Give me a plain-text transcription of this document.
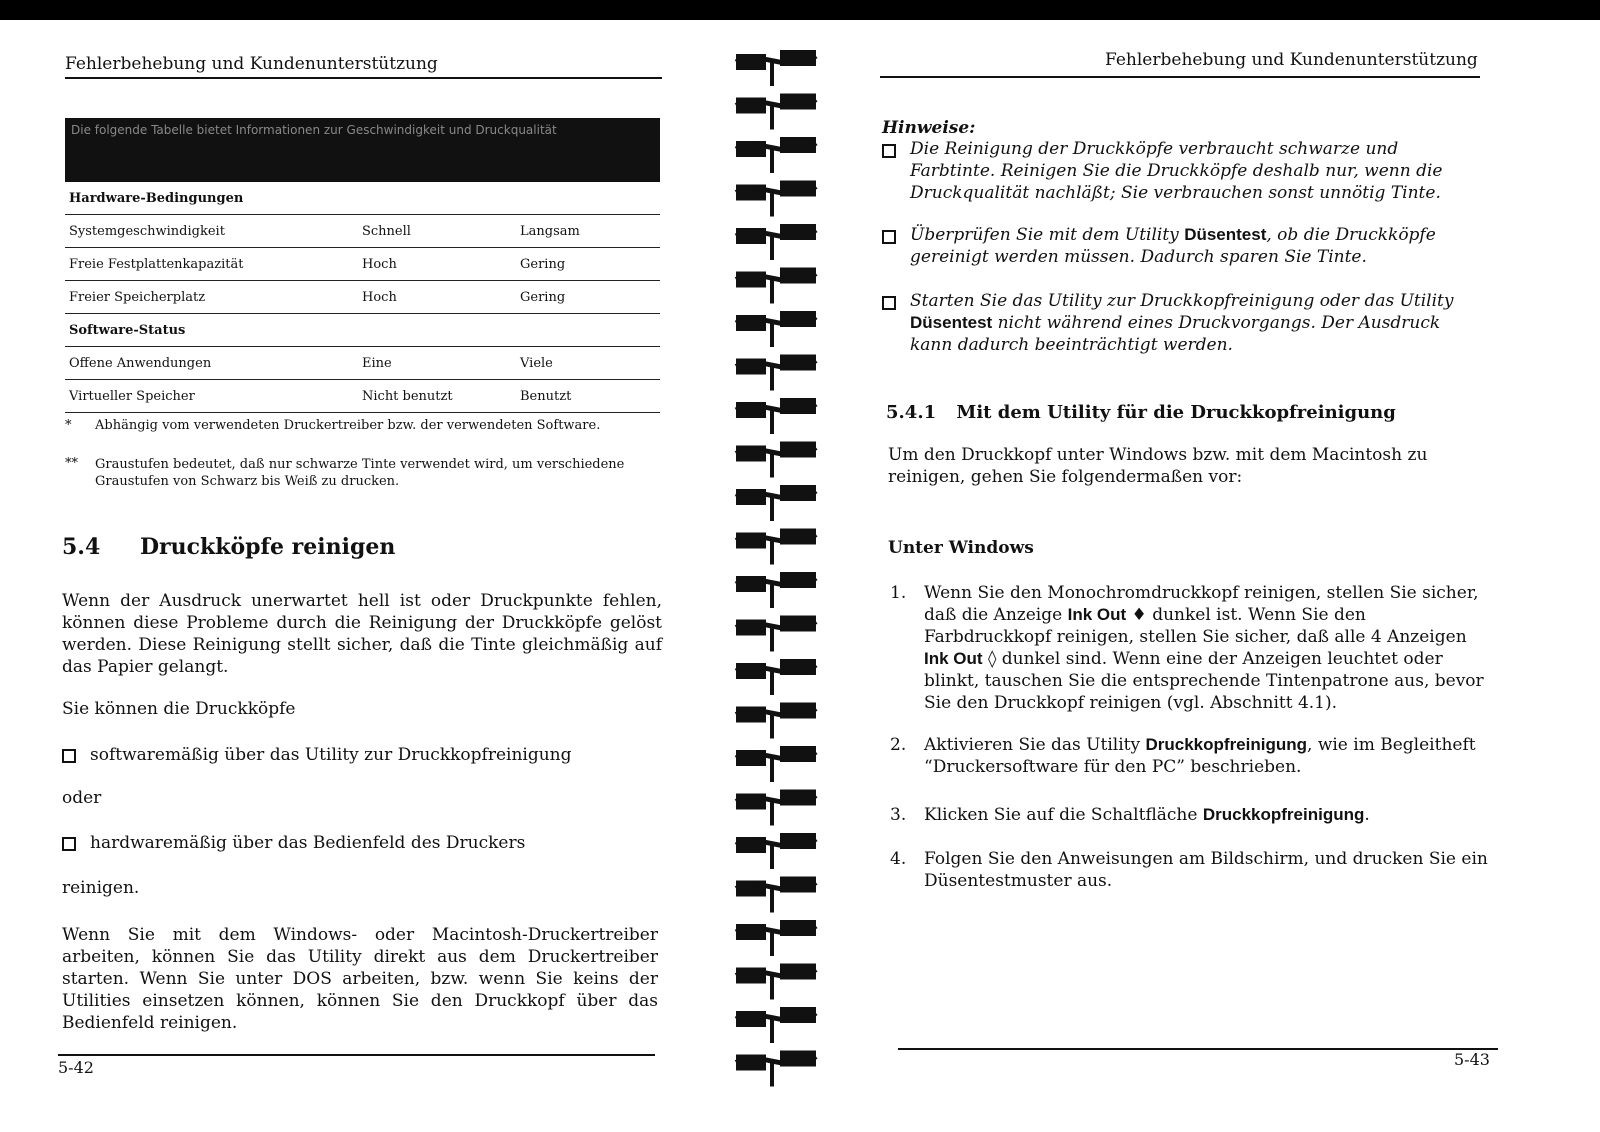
Fehlerbehebung und Kundenunterstützung
Die folgende Tabelle bietet Informationen zur Geschwindigkeit und Druckqualität
Hardware-Bedingungen		
Systemgeschwindigkeit	Schnell	Langsam
Freie Festplattenkapazität	Hoch	Gering
Freier Speicherplatz	Hoch	Gering
Software-Status		
Offene Anwendungen	Eine	Viele
Virtueller Speicher	Nicht benutzt	Benutzt
* Abhängig vom verwendeten Druckertreiber bzw. der verwendeten Software.
**	Graustufen bedeutet, daß nur schwarze Tinte verwendet wird, um verschiedene Graustufen von Schwarz bis Weiß zu drucken.
5.4 Druckköpfe reinigen
Wenn der Ausdruck unerwartet hell ist oder Druckpunkte fehlen, können diese Probleme durch die Reinigung der Druckköpfe gelöst werden. Diese Reinigung stellt sicher, daß die Tinte gleichmäßig auf das Papier gelangt.
Sie können die Druckköpfe
softwaremäßig über das Utility zur Druckkopfreinigung
oder
hardwaremäßig über das Bedienfeld des Druckers
reinigen.
Wenn Sie mit dem Windows- oder Macintosh-Druckertreiber arbeiten, können Sie das Utility direkt aus dem Druckertreiber starten. Wenn Sie unter DOS arbeiten, bzw. wenn Sie keins der Utilities einsetzen können, können Sie den Druckkopf über das Bedienfeld reinigen.
5-42
Fehlerbehebung und Kundenunterstützung
Hinweise:
Die Reinigung der Druckköpfe verbraucht schwarze und Farbtinte. Reinigen Sie die Druckköpfe deshalb nur, wenn die Druckqualität nachläßt; Sie verbrauchen sonst unnötig Tinte.
Überprüfen Sie mit dem Utility Düsentest, ob die Druckköpfe gereinigt werden müssen. Dadurch sparen Sie Tinte.
Starten Sie das Utility zur Druckkopfreinigung oder das Utility Düsentest nicht während eines Druckvorgangs. Der Ausdruck kann dadurch beeinträchtigt werden.
5.4.1 Mit dem Utility für die Druckkopfreinigung
Um den Druckkopf unter Windows bzw. mit dem Macintosh zu reinigen, gehen Sie folgendermaßen vor:
Unter Windows
1.	Wenn Sie den Monochromdruckkopf reinigen, stellen Sie sicher, daß die Anzeige Ink Out ♦ dunkel ist. Wenn Sie den Farbdruckkopf reinigen, stellen Sie sicher, daß alle 4 Anzeigen Ink Out ◊ dunkel sind. Wenn eine der Anzeigen leuchtet oder blinkt, tauschen Sie die entsprechende Tintenpatrone aus, bevor Sie den Druckkopf reinigen (vgl. Abschnitt 4.1).
2.	Aktivieren Sie das Utility Druckkopfreinigung, wie im Begleitheft “Druckersoftware für den PC” beschrieben.
3.	Klicken Sie auf die Schaltfläche Druckkopfreinigung.
4.	Folgen Sie den Anweisungen am Bildschirm, und drucken Sie ein Düsentestmuster aus.
5-43
